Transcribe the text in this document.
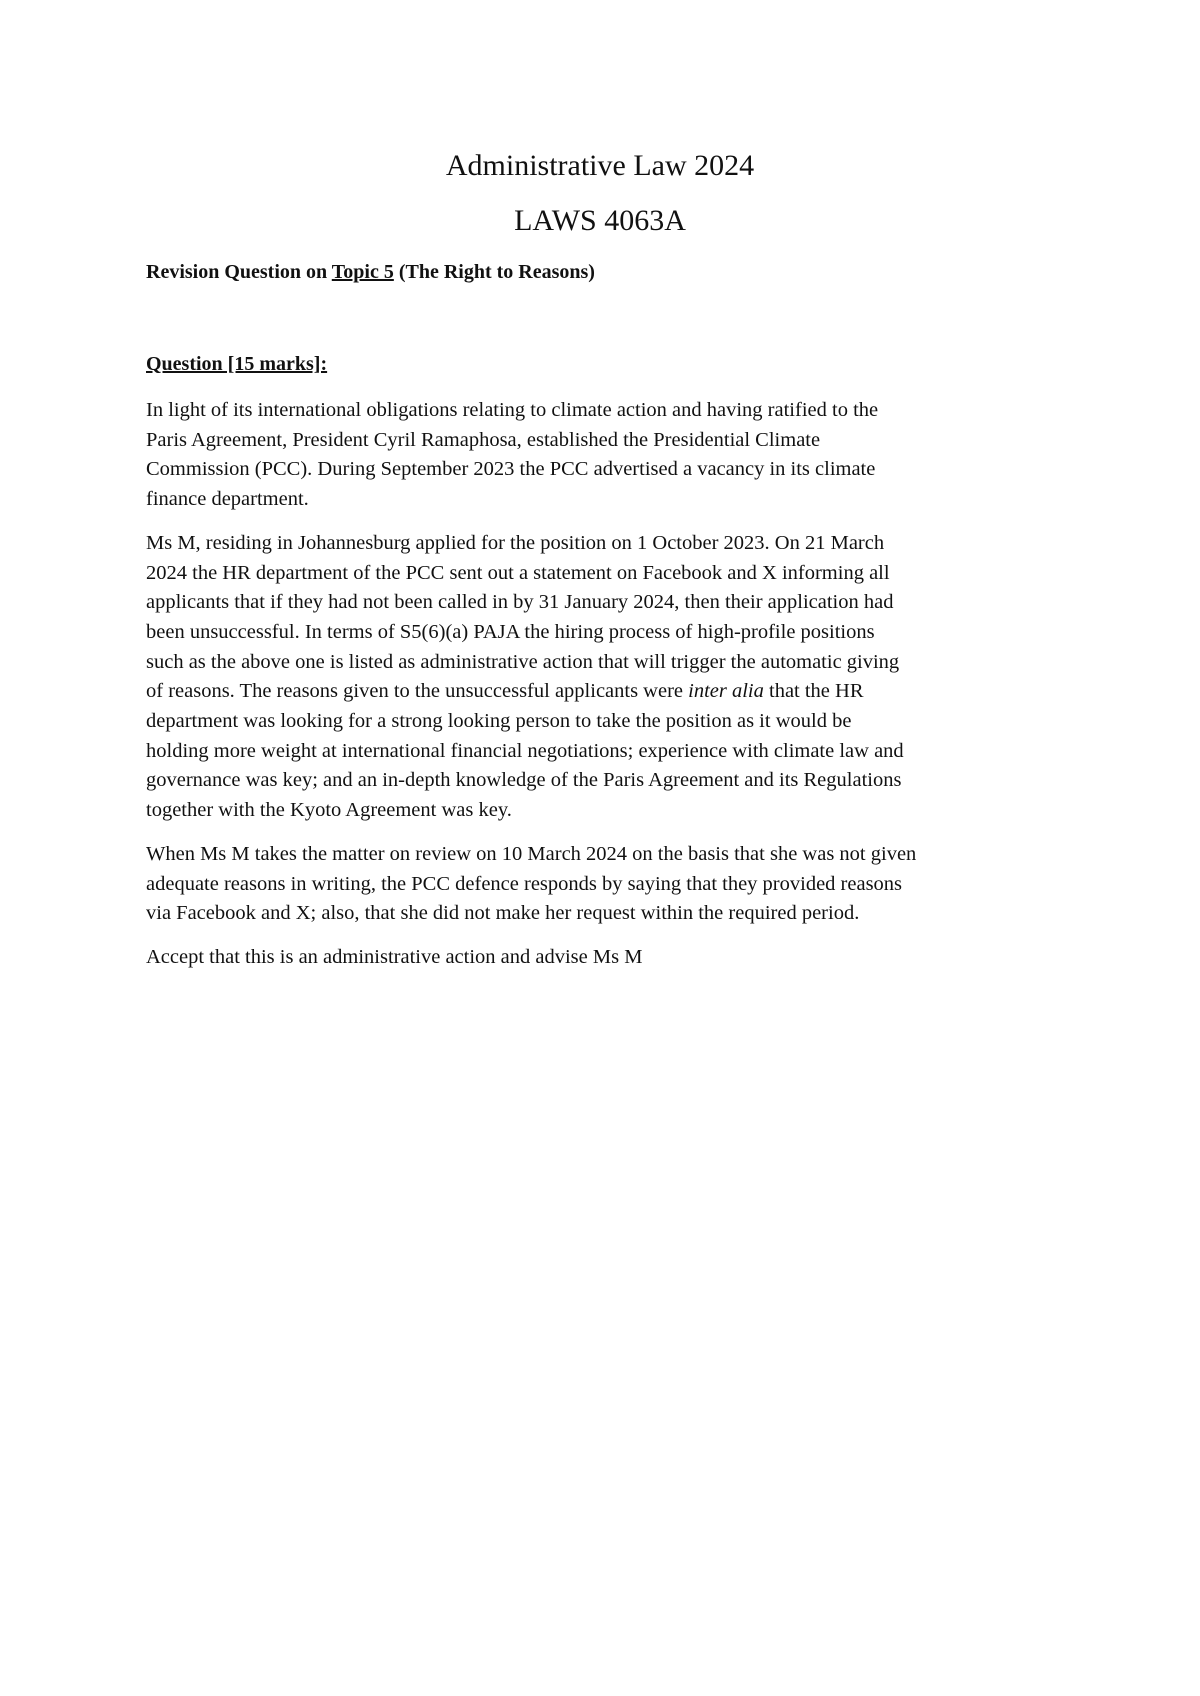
Administrative Law 2024
LAWS 4063A
Revision Question on Topic 5 (The Right to Reasons)
Question [15 marks]:

In light of its international obligations relating to climate action and having ratified to the
Paris Agreement, President Cyril Ramaphosa, established the Presidential Climate
Commission (PCC). During September 2023 the PCC advertised a vacancy in its climate
finance department.

Ms M, residing in Johannesburg applied for the position on 1 October 2023. On 21 March
2024 the HR department of the PCC sent out a statement on Facebook and X informing all
applicants that if they had not been called in by 31 January 2024, then their application had
been unsuccessful. In terms of S5(6)(a) PAJA the hiring process of high-profile positions
such as the above one is listed as administrative action that will trigger the automatic giving
of reasons. The reasons given to the unsuccessful applicants were inter alia that the HR
department was looking for a strong looking person to take the position as it would be
holding more weight at international financial negotiations; experience with climate law and
governance was key; and an in-depth knowledge of the Paris Agreement and its Regulations
together with the Kyoto Agreement was key.

When Ms M takes the matter on review on 10 March 2024 on the basis that she was not given
adequate reasons in writing, the PCC defence responds by saying that they provided reasons
via Facebook and X; also, that she did not make her request within the required period.

Accept that this is an administrative action and advise Ms M
